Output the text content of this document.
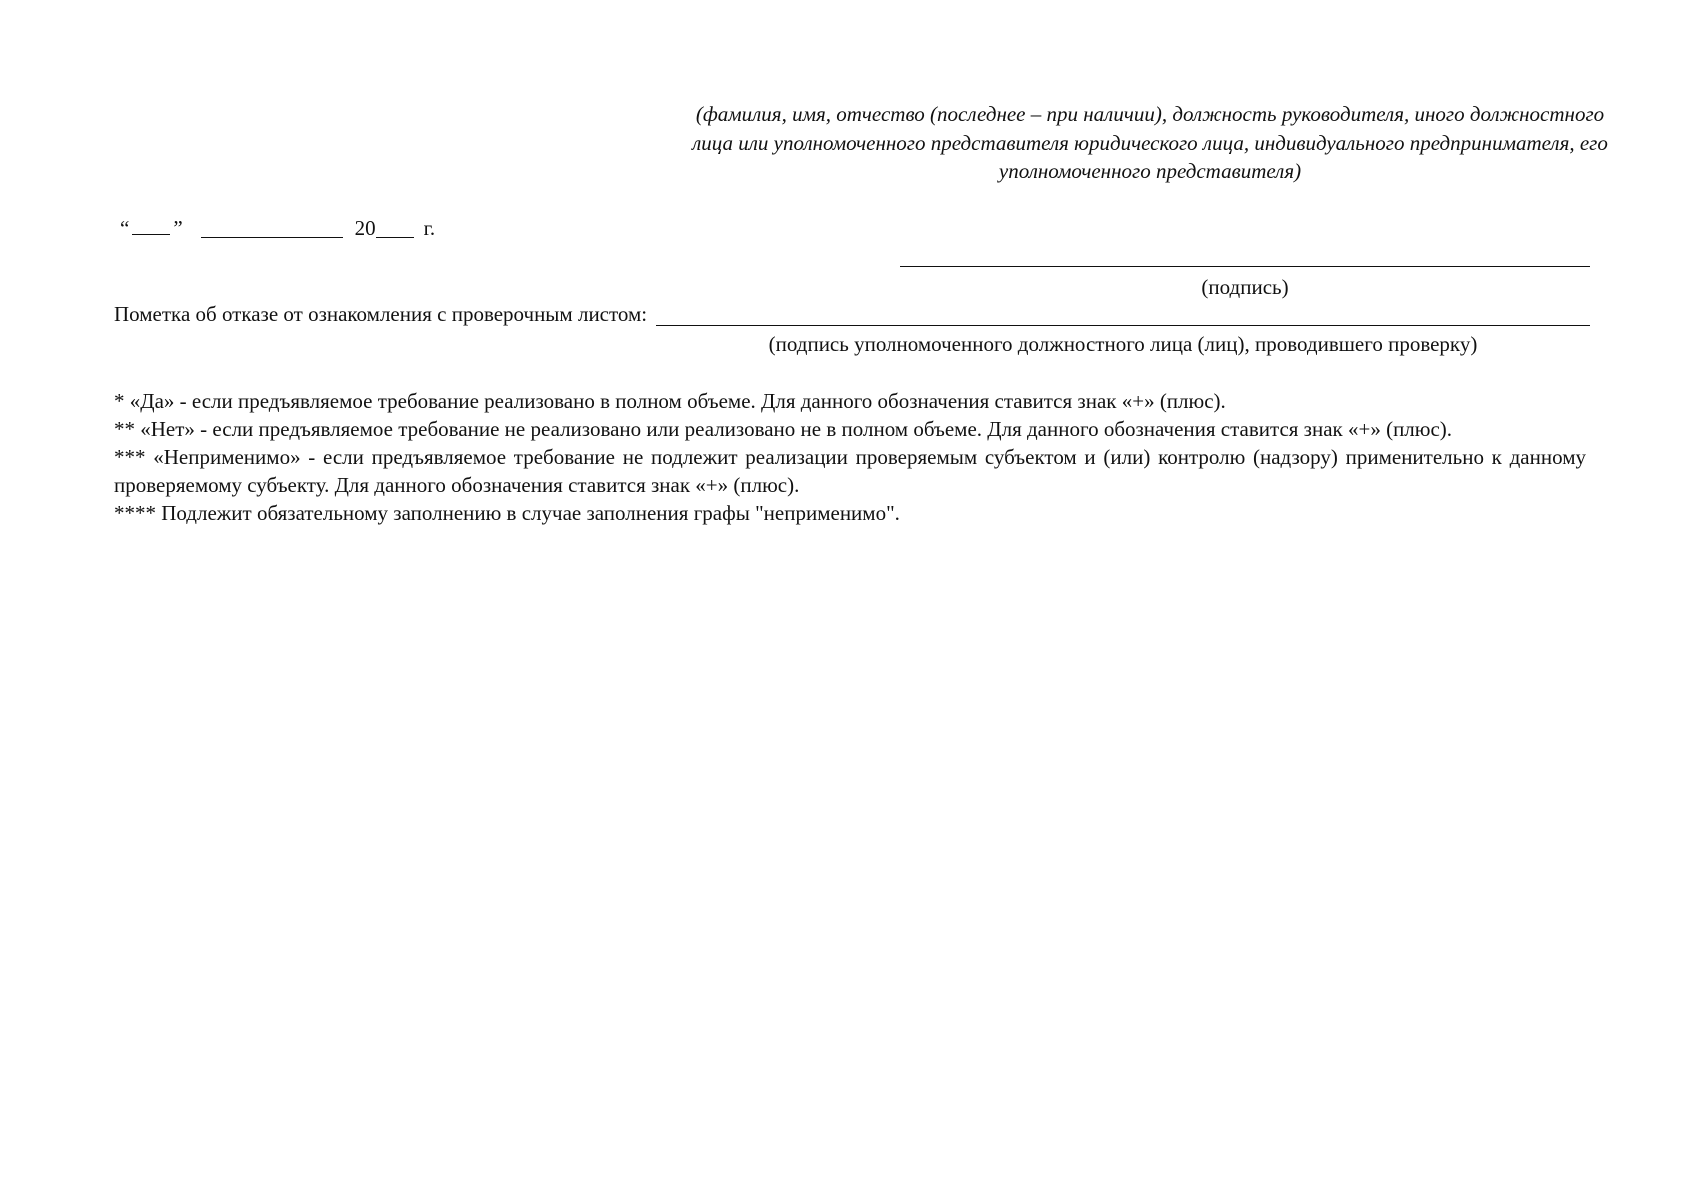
(фамилия, имя, отчество (последнее – при наличии), должность руководителя, иного должностного лица или уполномоченного представителя юридического лица, индивидуального предпринимателя, его уполномоченного представителя)
“ ”	20 г.
(подпись)
Пометка об отказе от ознакомления с проверочным листом:
(подпись уполномоченного должностного лица (лиц), проводившего проверку)

* «Да» - если предъявляемое требование реализовано в полном объеме. Для данного обозначения ставится знак «+» (плюс).

** «Нет» - если предъявляемое требование не реализовано или реализовано не в полном объеме. Для данного обозначения ставится знак «+» (плюс).

*** «Неприменимо» - если предъявляемое требование не подлежит реализации проверяемым субъектом и (или) контролю (надзору) применительно к данному проверяемому субъекту. Для данного обозначения ставится знак «+» (плюс).

**** Подлежит обязательному заполнению в случае заполнения графы "неприменимо".
